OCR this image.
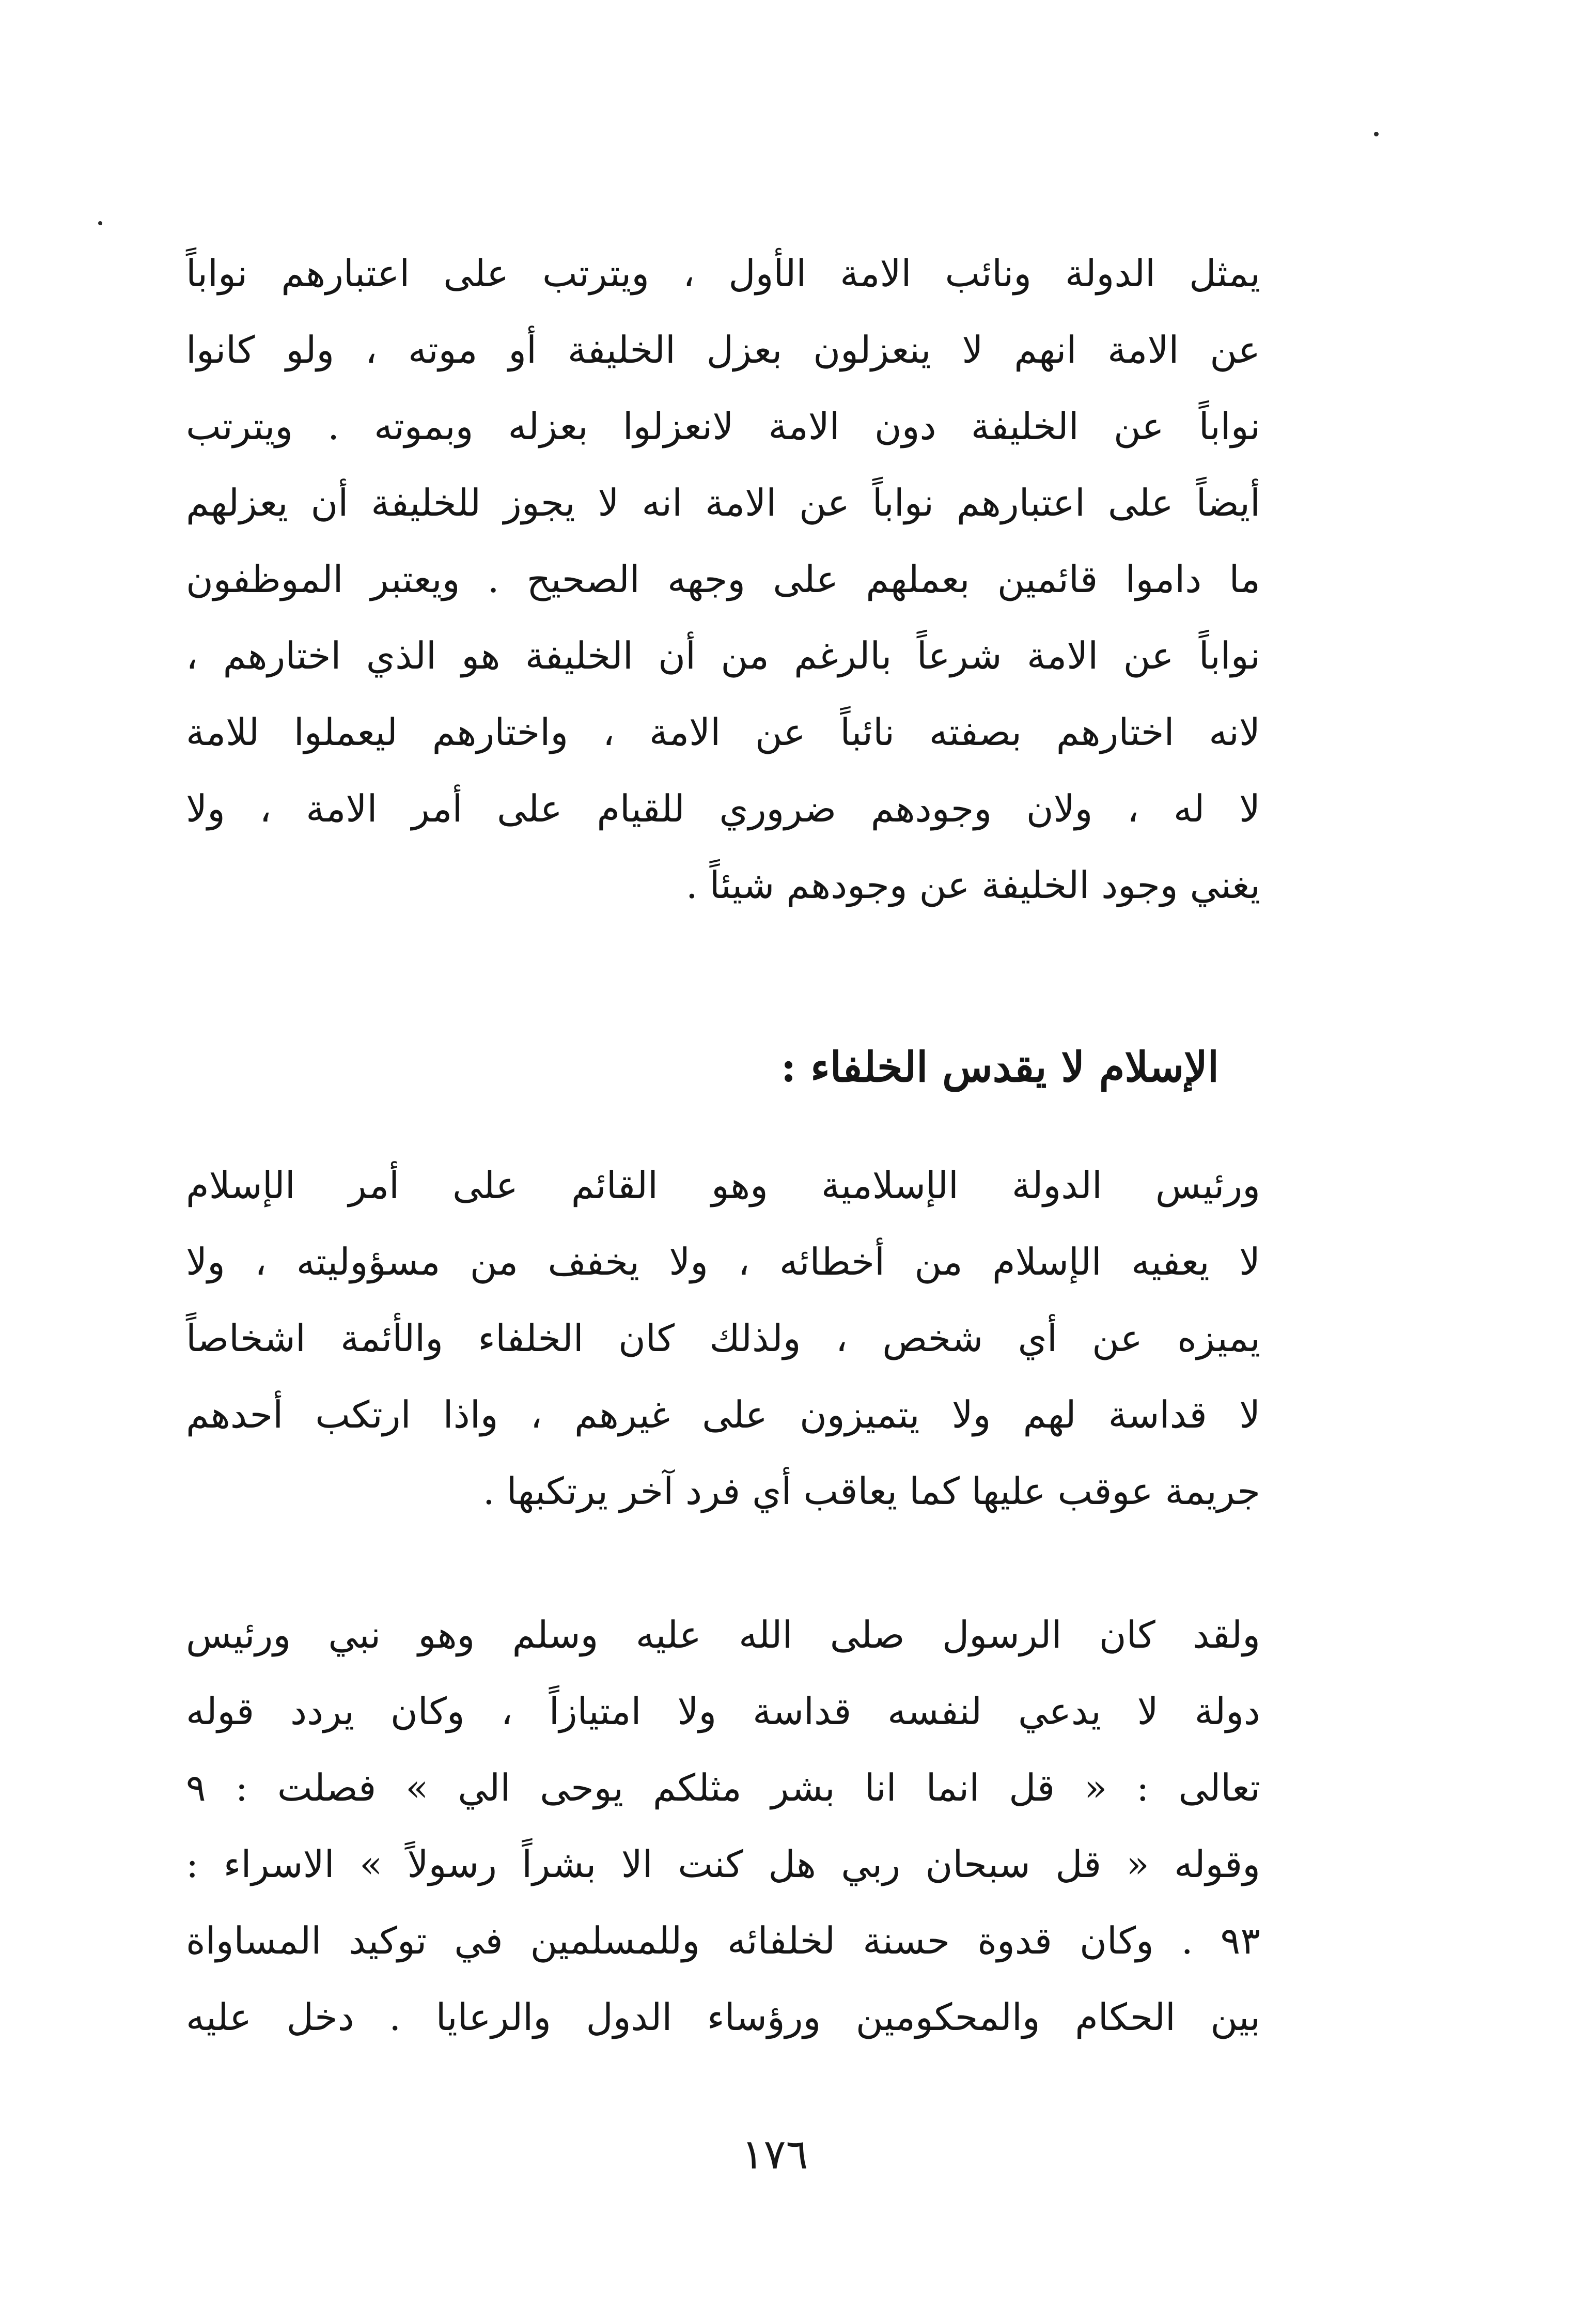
يمثل الدولة ونائب الامة الأول ، ويترتب على اعتبارهم نواباً
عن الامة انهم لا ينعزلون بعزل الخليفة أو موته ، ولو كانوا
نواباً عن الخليفة دون الامة لانعزلوا بعزله وبموته . ويترتب
أيضاً على اعتبارهم نواباً عن الامة انه لا يجوز للخليفة أن يعزلهم
ما داموا قائمين بعملهم على وجهه الصحيح . ويعتبر الموظفون
نواباً عن الامة شرعاً بالرغم من أن الخليفة هو الذي اختارهم ،
لانه اختارهم بصفته نائباً عن الامة ، واختارهم ليعملوا للامة
لا له ، ولان وجودهم ضروري للقيام على أمر الامة ، ولا
يغني وجود الخليفة عن وجودهم شيئاً .
الإسلام لا يقدس الخلفاء :
ورئيس الدولة الإسلامية وهو القائم على أمر الإسلام
لا يعفيه الإسلام من أخطائه ، ولا يخفف من مسؤوليته ، ولا
يميزه عن أي شخص ، ولذلك كان الخلفاء والأئمة اشخاصاً
لا قداسة لهم ولا يتميزون على غيرهم ، واذا ارتكب أحدهم
جريمة عوقب عليها كما يعاقب أي فرد آخر يرتكبها .
ولقد كان الرسول صلى الله عليه وسلم وهو نبي ورئيس
دولة لا يدعي لنفسه قداسة ولا امتيازاً ، وكان يردد قوله
تعالى : « قل انما انا بشر مثلكم يوحى الي » فصلت : ٩
وقوله « قل سبحان ربي هل كنت الا بشراً رسولاً » الاسراء :
٩٣ . وكان قدوة حسنة لخلفائه وللمسلمين في توكيد المساواة
بين الحكام والمحكومين ورؤساء الدول والرعايا . دخل عليه
١٧٦
